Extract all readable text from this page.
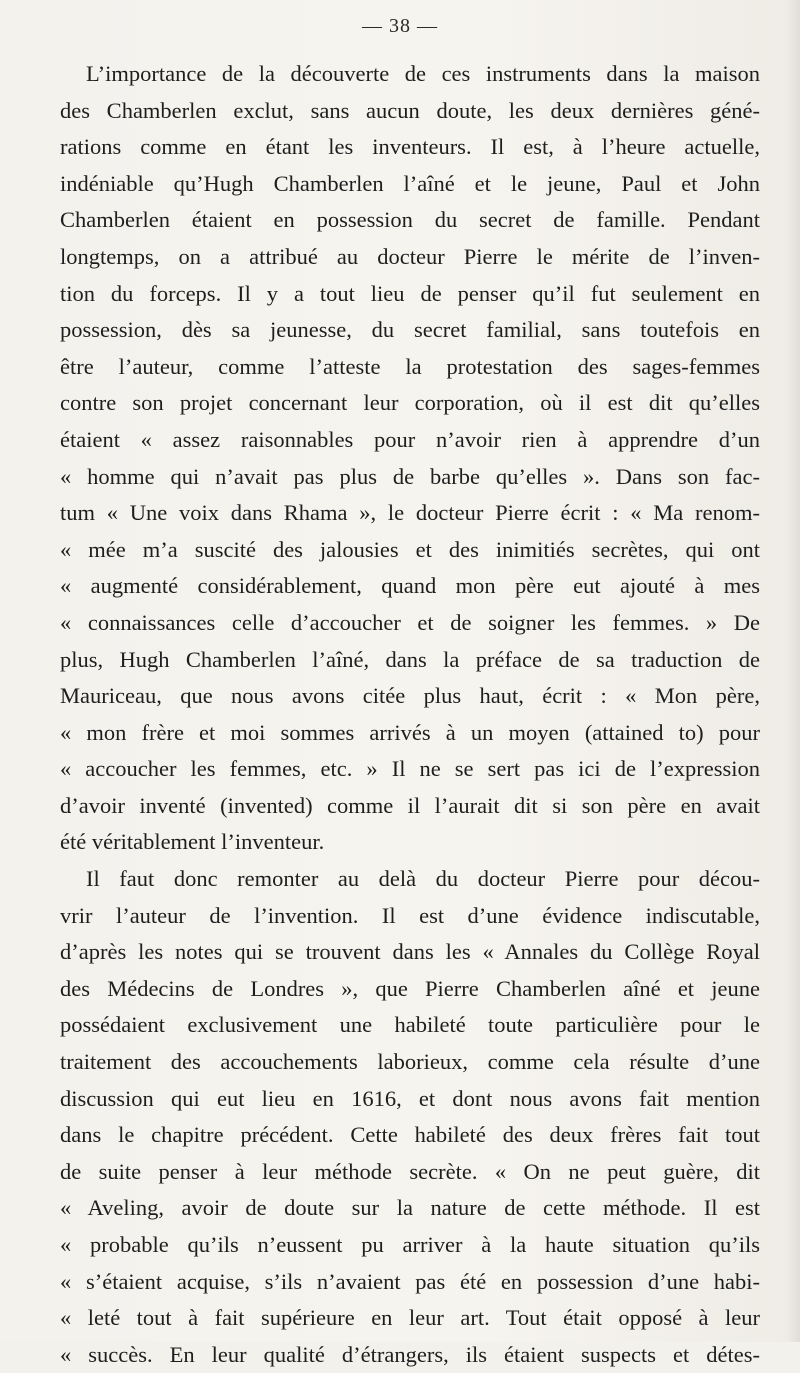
— 38 —
L’importance de la découverte de ces instruments dans la maison
des Chamberlen exclut, sans aucun doute, les deux dernières géné-
rations comme en étant les inventeurs. Il est, à l’heure actuelle,
indéniable qu’Hugh Chamberlen l’aîné et le jeune, Paul et John
Chamberlen étaient en possession du secret de famille. Pendant
longtemps, on a attribué au docteur Pierre le mérite de l’inven-
tion du forceps. Il y a tout lieu de penser qu’il fut seulement en
possession, dès sa jeunesse, du secret familial, sans toutefois en
être l’auteur, comme l’atteste la protestation des sages-femmes
contre son projet concernant leur corporation, où il est dit qu’elles
étaient « assez raisonnables pour n’avoir rien à apprendre d’un
« homme qui n’avait pas plus de barbe qu’elles ». Dans son fac-
tum « Une voix dans Rhama », le docteur Pierre écrit : « Ma renom-
« mée m’a suscité des jalousies et des inimitiés secrètes, qui ont
« augmenté considérablement, quand mon père eut ajouté à mes
« connaissances celle d’accoucher et de soigner les femmes. » De
plus, Hugh Chamberlen l’aîné, dans la préface de sa traduction de
Mauriceau, que nous avons citée plus haut, écrit : « Mon père,
« mon frère et moi sommes arrivés à un moyen (attained to) pour
« accoucher les femmes, etc. » Il ne se sert pas ici de l’expression
d’avoir inventé (invented) comme il l’aurait dit si son père en avait
été véritablement l’inventeur.
Il faut donc remonter au delà du docteur Pierre pour décou-
vrir l’auteur de l’invention. Il est d’une évidence indiscutable,
d’après les notes qui se trouvent dans les « Annales du Collège Royal
des Médecins de Londres », que Pierre Chamberlen aîné et jeune
possédaient exclusivement une habileté toute particulière pour le
traitement des accouchements laborieux, comme cela résulte d’une
discussion qui eut lieu en 1616, et dont nous avons fait mention
dans le chapitre précédent. Cette habileté des deux frères fait tout
de suite penser à leur méthode secrète. « On ne peut guère, dit
« Aveling, avoir de doute sur la nature de cette méthode. Il est
« probable qu’ils n’eussent pu arriver à la haute situation qu’ils
« s’étaient acquise, s’ils n’avaient pas été en possession d’une habi-
« leté tout à fait supérieure en leur art. Tout était opposé à leur
« succès. En leur qualité d’étrangers, ils étaient suspects et détes-
